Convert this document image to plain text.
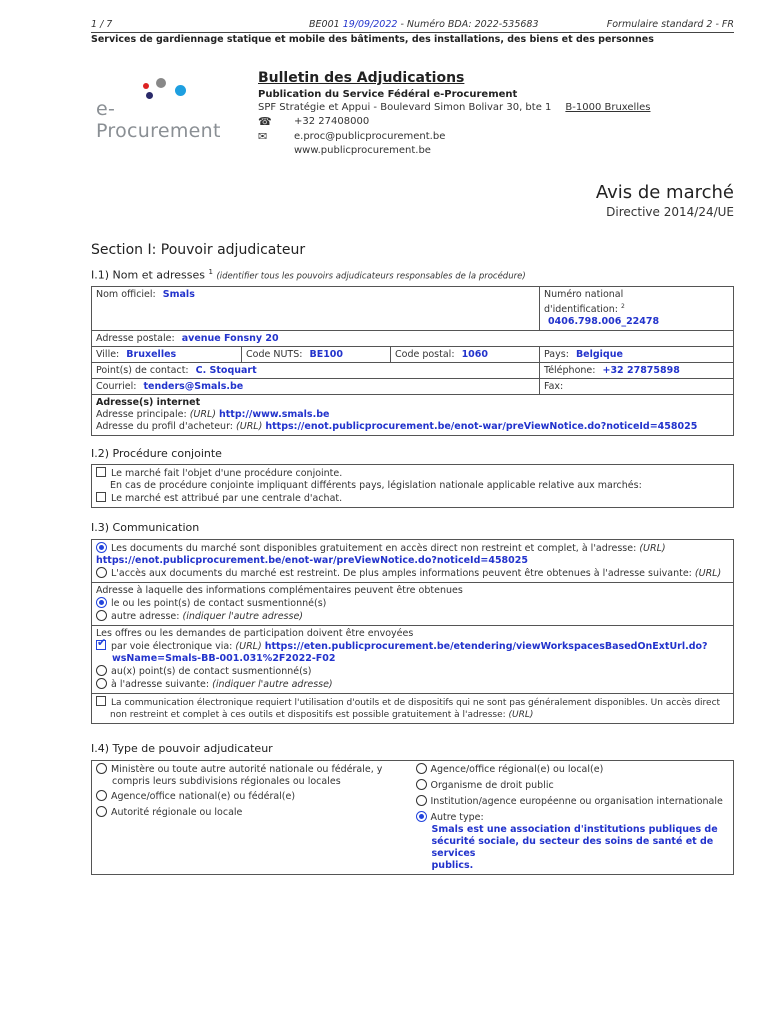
1 / 7	BE001 19/09/2022 - Numéro BDA: 2022-535683	Formulaire standard 2 - FR
Services de gardiennage statique et mobile des bâtiments, des installations, des biens et des personnes
e-Procurement
Bulletin des Adjudications
Publication du Service Fédéral e-Procurement
SPF Stratégie et Appui - Boulevard Simon Bolivar 30, bte 1 B-1000 Bruxelles
☎	+32 27408000
✉	e.proc@publicprocurement.be
www.publicprocurement.be
Avis de marché
Directive 2014/24/UE
Section I: Pouvoir adjudicateur
I.1) Nom et adresses $^1$ (identifier tous les pouvoirs adjudicateurs responsables de la procédure)
Nom officiel: Smals			Numéro national
d'identification: $^2$ 0406.798.006_22478

Adresse postale: avenue Fonsny 20			
Ville: Bruxelles	Code NUTS: BE100	Code postal: 1060	Pays: Belgique
Point(s) de contact: C. Stoquart			Téléphone: +32 27875898
Courriel: tenders@Smals.be			Fax:

Adresse(s) internet
Adresse principale: (URL) http://www.smals.be
Adresse du profil d'acheteur: (URL) https://enot.publicprocurement.be/enot-war/preViewNotice.do?noticeId=458025			
I.2) Procédure conjointe
Le marché fait l'objet d'une procédure conjointe.
En cas de procédure conjointe impliquant différents pays, législation nationale applicable relative aux marchés:
Le marché est attribué par une centrale d'achat.
I.3) Communication
Les documents du marché sont disponibles gratuitement en accès direct non restreint et complet, à l'adresse: (URL)
https://enot.publicprocurement.be/enot-war/preViewNotice.do?noticeId=458025
L'accès aux documents du marché est restreint. De plus amples informations peuvent être obtenues à l'adresse suivante: (URL)

Adresse à laquelle des informations complémentaires peuvent être obtenues
le ou les point(s) de contact susmentionné(s)
autre adresse: (indiquer l'autre adresse)

Les offres ou les demandes de participation doivent être envoyées
✔par voie électronique via: (URL) https://eten.publicprocurement.be/etendering/viewWorkspacesBasedOnExtUrl.do?
wsName=Smals-BB-001.031%2F2022-F02
au(x) point(s) de contact susmentionné(s)
à l'adresse suivante: (indiquer l'autre adresse)

La communication électronique requiert l'utilisation d'outils et de dispositifs qui ne sont pas généralement disponibles. Un accès direct
non restreint et complet à ces outils et dispositifs est possible gratuitement à l'adresse: (URL)
I.4) Type de pouvoir adjudicateur
Ministère ou toute autre autorité nationale ou fédérale, y
compris leurs subdivisions régionales ou locales
Agence/office national(e) ou fédéral(e)
Autorité régionale ou locale

Agence/office régional(e) ou local(e)
Organisme de droit public
Institution/agence européenne ou organisation internationale
Autre type:
Smals est une association d'institutions publiques de
sécurité sociale, du secteur des soins de santé et de services
publics.
